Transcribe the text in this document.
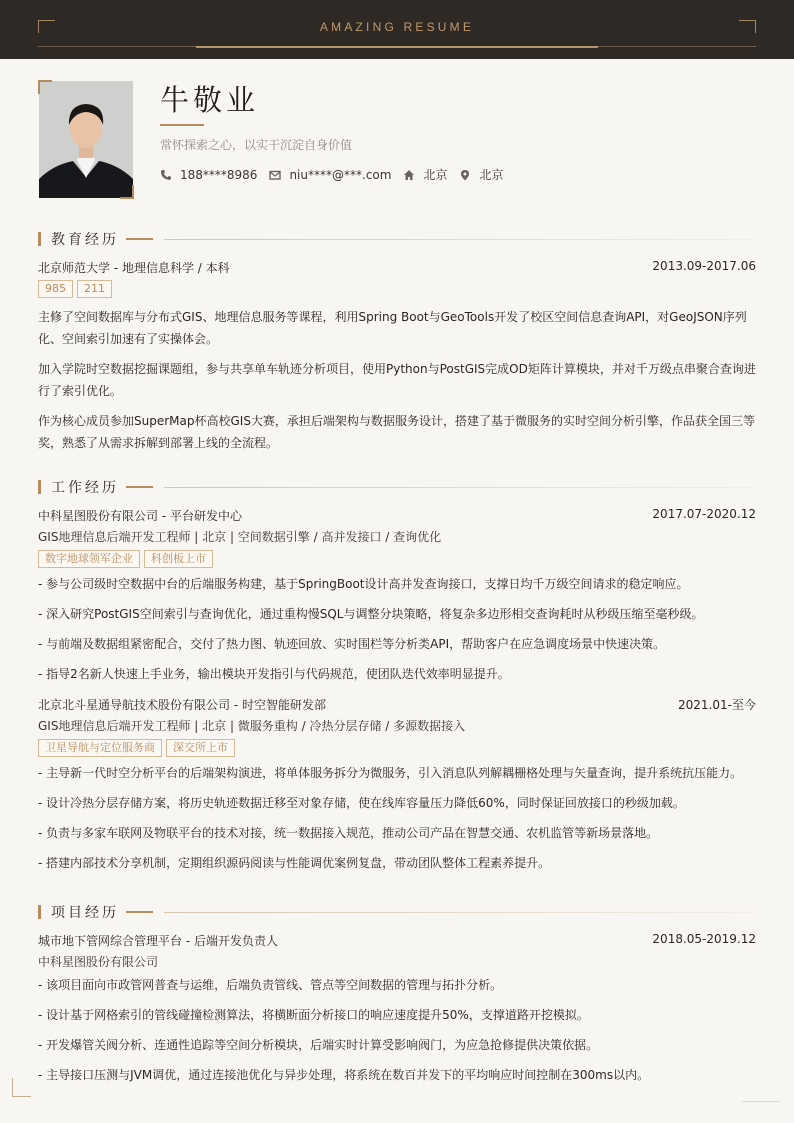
AMAZING RESUME
牛敬业
常怀探索之心，以实干沉淀自身价值
188****8986	niu****@***.com	北京	北京
教育经历
北京师范大学 - 地理信息科学 / 本科	2013.09-2017.06
985	211

主修了空间数据库与分布式GIS、地理信息服务等课程，利用Spring Boot与GeoTools开发了校区空间信息查询API，对GeoJSON序列化、空间索引加速有了实操体会。

加入学院时空数据挖掘课题组，参与共享单车轨迹分析项目，使用Python与PostGIS完成OD矩阵计算模块，并对千万级点串聚合查询进行了索引优化。

作为核心成员参加SuperMap杯高校GIS大赛，承担后端架构与数据服务设计，搭建了基于微服务的实时空间分析引擎，作品获全国三等奖，熟悉了从需求拆解到部署上线的全流程。

工作经历
中科星图股份有限公司 - 平台研发中心	2017.07-2020.12
GIS地理信息后端开发工程师 | 北京 | 空间数据引擎 / 高并发接口 / 查询优化
数字地球领军企业	科创板上市

- 参与公司级时空数据中台的后端服务构建，基于SpringBoot设计高并发查询接口，支撑日均千万级空间请求的稳定响应。

- 深入研究PostGIS空间索引与查询优化，通过重构慢SQL与调整分块策略，将复杂多边形相交查询耗时从秒级压缩至毫秒级。

- 与前端及数据组紧密配合，交付了热力图、轨迹回放、实时围栏等分析类API，帮助客户在应急调度场景中快速决策。

- 指导2名新人快速上手业务，输出模块开发指引与代码规范，使团队迭代效率明显提升。

北京北斗星通导航技术股份有限公司 - 时空智能研发部	2021.01-至今
GIS地理信息后端开发工程师 | 北京 | 微服务重构 / 冷热分层存储 / 多源数据接入
卫星导航与定位服务商	深交所上市

- 主导新一代时空分析平台的后端架构演进，将单体服务拆分为微服务，引入消息队列解耦栅格处理与矢量查询，提升系统抗压能力。

- 设计冷热分层存储方案，将历史轨迹数据迁移至对象存储，使在线库容量压力降低60%，同时保证回放接口的秒级加载。

- 负责与多家车联网及物联平台的技术对接，统一数据接入规范，推动公司产品在智慧交通、农机监管等新场景落地。

- 搭建内部技术分享机制，定期组织源码阅读与性能调优案例复盘，带动团队整体工程素养提升。

项目经历
城市地下管网综合管理平台 - 后端开发负责人	2018.05-2019.12
中科星图股份有限公司

- 该项目面向市政管网普查与运维，后端负责管线、管点等空间数据的管理与拓扑分析。

- 设计基于网格索引的管线碰撞检测算法，将横断面分析接口的响应速度提升50%，支撑道路开挖模拟。

- 开发爆管关阀分析、连通性追踪等空间分析模块，后端实时计算受影响阀门，为应急抢修提供决策依据。

- 主导接口压测与JVM调优，通过连接池优化与异步处理，将系统在数百并发下的平均响应时间控制在300ms以内。
